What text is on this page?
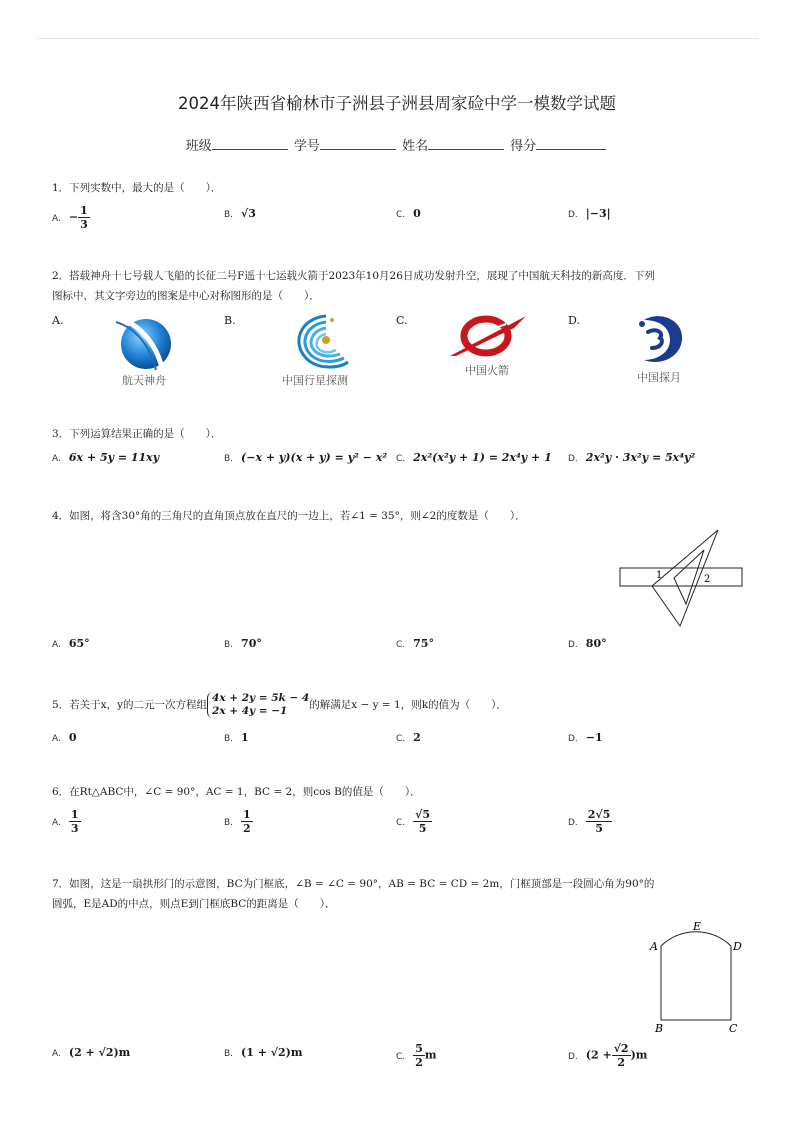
2024年陕西省榆林市子洲县子洲县周家硷中学一模数学试题
班级	学号	姓名	得分
1．下列实数中，最大的是（　　）．
A. − $\frac{1}{3}$	B. √3	C. 0	D. |−3|
2．搭载神舟十七号载人飞船的长征二号F遥十七运载火箭于2023年10月26日成功发射升空，展现了中国航天科技的新高度．下列
图标中，其文字旁边的图案是中心对称图形的是（　　）．
A.	B.	C.	D.
航天神舟	中国行星探测
中国火箭
中国探月
3．下列运算结果正确的是（　　）．
A. 6x + 5y = 11xy	B. (−x + y)(x + y) = y² − x² C. 2x²(x²y + 1) = 2x⁴y + 1 D. 2x²y · 3x²y = 5x⁴y²
4．如图，将含30°角的三角尺的直角顶点放在直尺的一边上，若∠1 = 35°，则∠2的度数是（　　）．
1	2
A. 65°	B. 70°	C. 75°	D. 80°
5．若关于x，y的二元一次方程组
4x + 2y = 5k − 4
2x + 4y = −1	的解满足x − y = 1，则k的值为（　　）．
A. 0	B. 1	C. 2	D. −1
6．在Rt△ABC中，∠C = 90°，AC = 1，BC = 2，则cos B的值是（　　）．
A. $\frac{1}{3}$	B. $\frac{1}{2}$	C. $\frac{√5}{5}$	D. $\frac{2√5}{5}$
7．如图，这是一扇拱形门的示意图，BC为门框底，∠B = ∠C = 90°，AB = BC = CD = 2m，门框顶部是一段圆心角为90°的
圆弧，E是AD的中点，则点E到门框底BC的距离是（　　）．
A	D
E
B	C
A. (2 + √2)m	B. (1 + √2)m	C. $\frac{5}{2}$ m	D. $(2 + \frac{√2}{2} )m$
